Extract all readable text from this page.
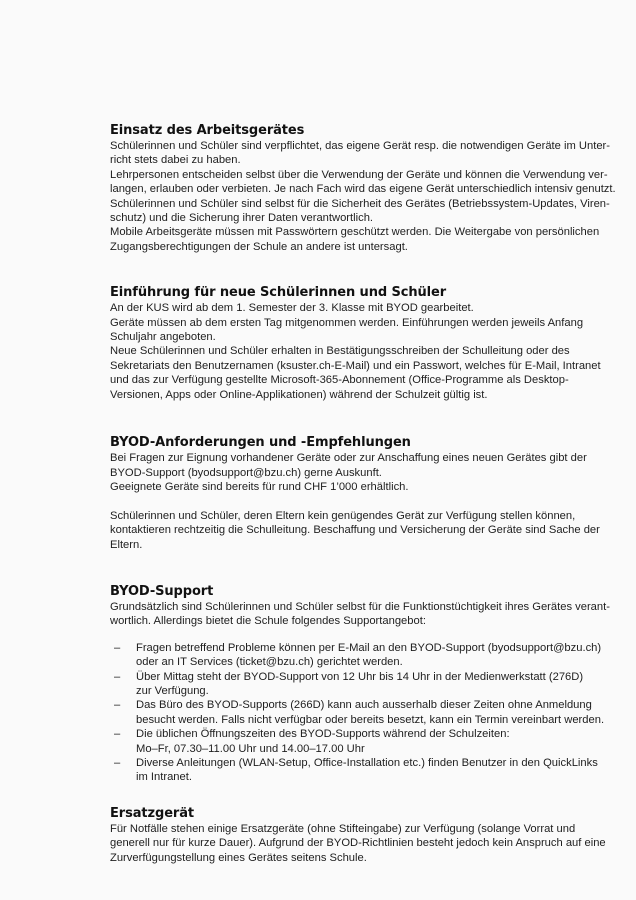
Einsatz des Arbeitsgerätes
Schülerinnen und Schüler sind verpflichtet, das eigene Gerät resp. die notwendigen Geräte im Unter-
richt stets dabei zu haben.
Lehrpersonen entscheiden selbst über die Verwendung der Geräte und können die Verwendung ver-
langen, erlauben oder verbieten. Je nach Fach wird das eigene Gerät unterschiedlich intensiv genutzt.
Schülerinnen und Schüler sind selbst für die Sicherheit des Gerätes (Betriebssystem-Updates, Viren-
schutz) und die Sicherung ihrer Daten verantwortlich.
Mobile Arbeitsgeräte müssen mit Passwörtern geschützt werden. Die Weitergabe von persönlichen
Zugangsberechtigungen der Schule an andere ist untersagt.
Einführung für neue Schülerinnen und Schüler
An der KUS wird ab dem 1. Semester der 3. Klasse mit BYOD gearbeitet.
Geräte müssen ab dem ersten Tag mitgenommen werden. Einführungen werden jeweils Anfang
Schuljahr angeboten.
Neue Schülerinnen und Schüler erhalten in Bestätigungsschreiben der Schulleitung oder des
Sekretariats den Benutzernamen (ksuster.ch-E-Mail) und ein Passwort, welches für E-Mail, Intranet
und das zur Verfügung gestellte Microsoft-365-Abonnement (Office-Programme als Desktop-
Versionen, Apps oder Online-Applikationen) während der Schulzeit gültig ist.
BYOD-Anforderungen und -Empfehlungen
Bei Fragen zur Eignung vorhandener Geräte oder zur Anschaffung eines neuen Gerätes gibt der
BYOD-Support (byodsupport@bzu.ch) gerne Auskunft.
Geeignete Geräte sind bereits für rund CHF 1’000 erhältlich.
Schülerinnen und Schüler, deren Eltern kein genügendes Gerät zur Verfügung stellen können,
kontaktieren rechtzeitig die Schulleitung. Beschaffung und Versicherung der Geräte sind Sache der
Eltern.
BYOD-Support
Grundsätzlich sind Schülerinnen und Schüler selbst für die Funktionstüchtigkeit ihres Gerätes verant-
wortlich. Allerdings bietet die Schule folgendes Supportangebot:
– Fragen betreffend Probleme können per E-Mail an den BYOD-Support (byodsupport@bzu.ch)
oder an IT Services (ticket@bzu.ch) gerichtet werden.
– Über Mittag steht der BYOD-Support von 12 Uhr bis 14 Uhr in der Medienwerkstatt (276D)
zur Verfügung.
– Das Büro des BYOD-Supports (266D) kann auch ausserhalb dieser Zeiten ohne Anmeldung
besucht werden. Falls nicht verfügbar oder bereits besetzt, kann ein Termin vereinbart werden.
– Die üblichen Öffnungszeiten des BYOD-Supports während der Schulzeiten:
Mo–Fr, 07.30–11.00 Uhr und 14.00–17.00 Uhr
– Diverse Anleitungen (WLAN-Setup, Office-Installation etc.) finden Benutzer in den QuickLinks
im Intranet.
Ersatzgerät
Für Notfälle stehen einige Ersatzgeräte (ohne Stifteingabe) zur Verfügung (solange Vorrat und
generell nur für kurze Dauer). Aufgrund der BYOD-Richtlinien besteht jedoch kein Anspruch auf eine
Zurverfügungstellung eines Gerätes seitens Schule.
